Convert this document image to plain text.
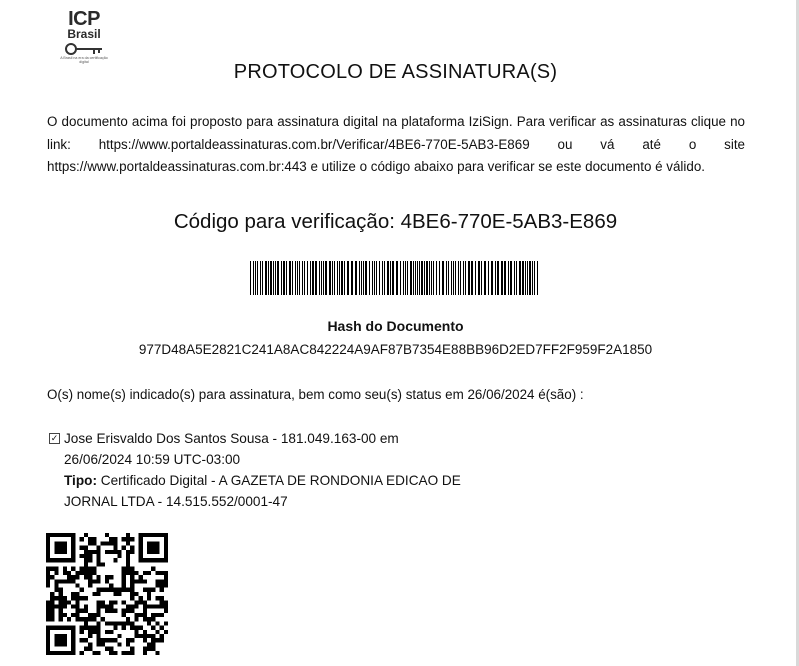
ICP
Brasil
A Brasil na era da certificação digital	PROTOCOLO DE ASSINATURA(S)
O documento acima foi proposto para assinatura digital na plataforma IziSign. Para verificar as assinaturas clique no link: https://www.portaldeassinaturas.com.br/Verificar/4BE6-770E-5AB3-E869 ou vá até o site https://www.portaldeassinaturas.com.br:443 e utilize o código abaixo para verificar se este documento é válido.
Código para verificação: 4BE6-770E-5AB3-E869
Hash do Documento
977D48A5E2821C241A8AC842224A9AF87B7354E88BB96D2ED7FF2F959F2A1850
O(s) nome(s) indicado(s) para assinatura, bem como seu(s) status em 26/06/2024 é(são) :
✓ Jose Erisvaldo Dos Santos Sousa - 181.049.163-00 em
26/06/2024 10:59 UTC-03:00
Tipo: Certificado Digital - A GAZETA DE RONDONIA EDICAO DE
JORNAL LTDA - 14.515.552/0001-47
